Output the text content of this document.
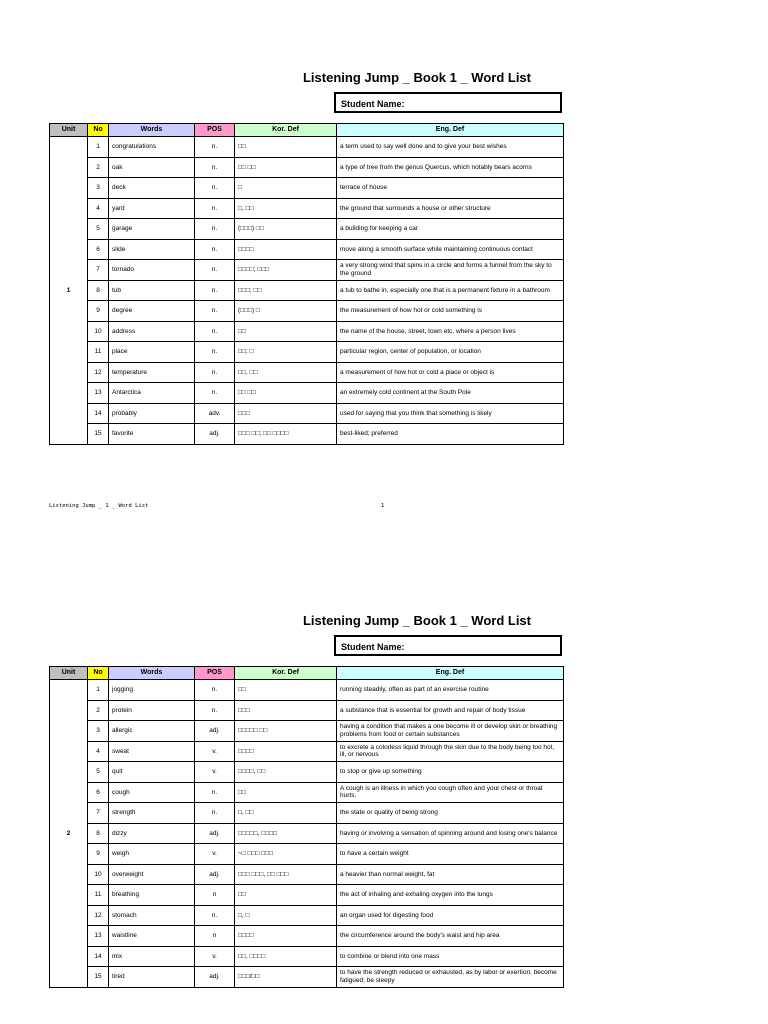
Listening Jump _ Book 1 _ Word List
Student Name:
Unit	No	Words	POS	Kor. Def	Eng. Def
1	1	congratulations	n.	□□	a term used to say well done and to give your best wishes
	2	oak	n.	□□ □□	a type of tree from the genus Quercus, which notably bears acorns
	3	deck	n.	□	terrace of house
	4	yard	n.	□, □□	the ground that surrounds a house or other structure
	5	garage	n.	(□□□) □□	a building for keeping a car
	6	slide	n.	□□□□	move along a smooth surface while maintaining continuous contact
	7	tornado	n.	□□□□; □□□	a very strong wind that spins in a circle and forms a funnel from the sky to the ground
	8	tub	n.	□□□; □□	a tub to bathe in, especially one that is a permanent fixture in a bathroom
	9	degree	n.	(□□□) □	the measurement of how hot or cold something is
	10	address	n.	□□	the name of the house, street, town etc. where a person lives
	11	place	n.	□□; □	particular region, center of population, or location
	12	temperature	n.	□□, □□	a measurement of how hot or cold a place or object is
	13	Antarctica	n.	□□ □□	an extremely cold continent at the South Pole
	14	probably	adv.	□□□	used for saying that you think that something is likely
	15	favorite	adj.	□□□ □□; □□ □□□□	best-liked; preferred
Listening Jump _ 1 _ Word List	1
Listening Jump _ Book 1 _ Word List
Student Name:
Unit	No	Words	POS	Kor. Def	Eng. Def
2	1	jogging	n.	□□	running steadily, often as part of an exercise routine
	2	protein	n.	□□□	a substance that is essential for growth and repair of body tissue
	3	allergic	adj.	□□□□□ □□	having a condition that makes a one become ill or develop skin or breathing problems from food or certain substances
	4	sweat	v.	□□□□	to excrete a colorless liquid through the skin due to the body being too hot, ill, or nervous
	5	quit	v.	□□□□, □□	to stop or give up something
	6	cough	n.	□□	A cough is an illness in which you cough often and your chest or throat hurts.
	7	strength	n.	□, □□	the state or quality of being strong
	8	dizzy	adj.	□□□□□, □□□□	having or involving a sensation of spinning around and losing one's balance
	9	weigh	v.	~□ □□□ □□□	to have a certain weight
	10	overweight	adj.	□□□ □□□, □□ □□□	a heavier than normal weight, fat
	11	breathing	n	□□	the act of inhaling and exhaling oxygen into the lungs
	12	stomach	n.	□, □	an organ used for digesting food
	13	waistline	n	□□□□	the circumference around the body's waist and hip area
	14	mix	v.	□□, □□□□	to combine or blend into one mass
	15	tired	adj.	□□□/□□	to have the strength reduced or exhausted, as by labor or exertion; become fatigued; be sleepy
